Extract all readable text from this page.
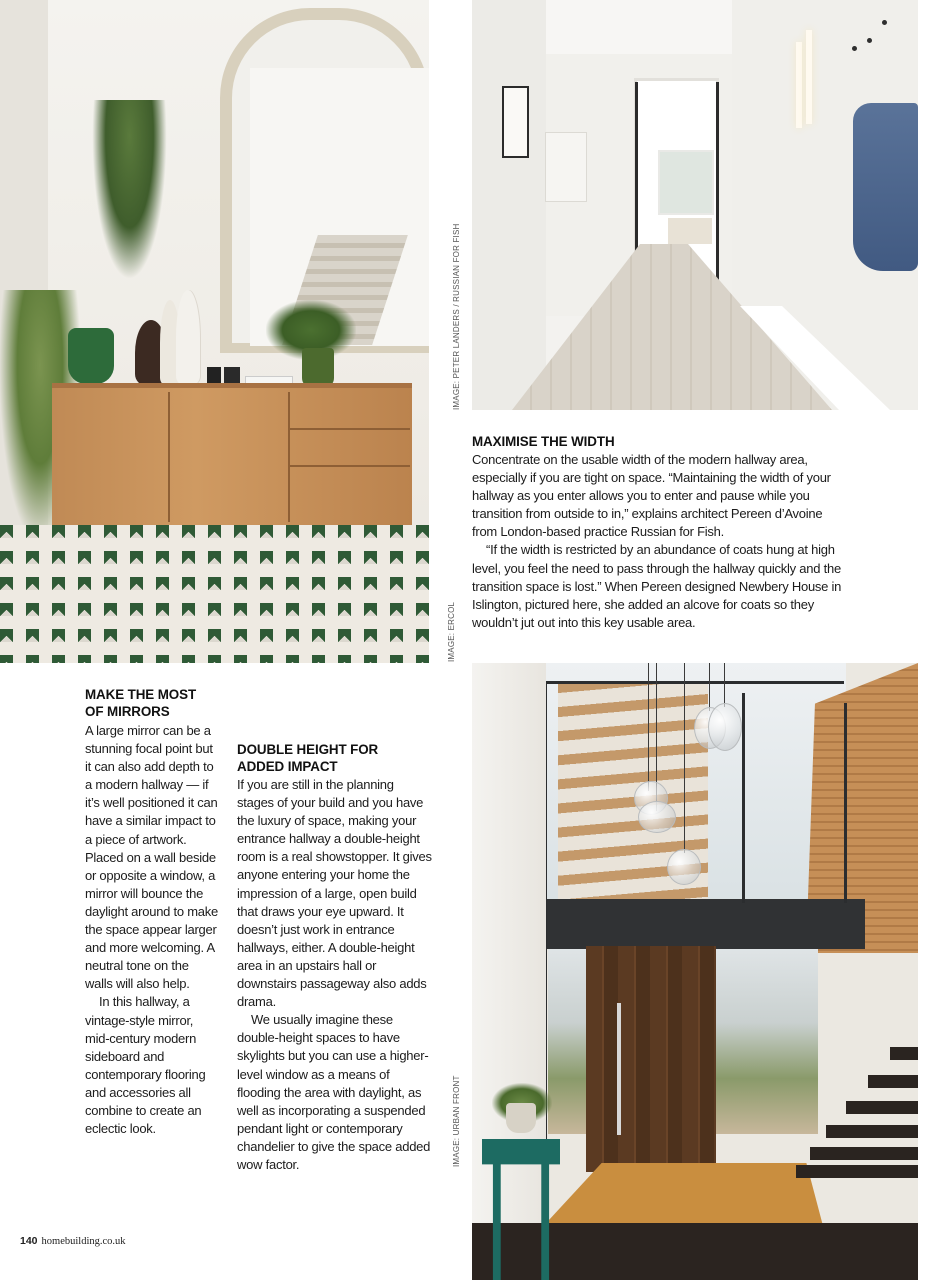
IMAGE: PETER LANDERS / RUSSIAN FOR FISH
IMAGE: ERCOL
IMAGE: URBAN FRONT
MAXIMISE THE WIDTH

Concentrate on the usable width of the modern hallway area, especially if you are tight on space. “Maintaining the width of your hallway as you enter allows you to enter and pause while you transition from outside to in,” explains architect Pereen d’Avoine from London-based practice Russian for Fish.

“If the width is restricted by an abundance of coats hung at high level, you feel the need to pass through the hallway quickly and the transition space is lost.” When Pereen designed Newbery House in Islington, pictured here, she added an alcove for coats so they wouldn’t jut out into this key usable area.

MAKE THE MOST OF MIRRORS

A large mirror can be a stunning focal point but it can also add depth to a modern hallway — if it’s well positioned it can have a similar impact to a piece of artwork. Placed on a wall beside or opposite a window, a mirror will bounce the daylight around to make the space appear larger and more welcoming. A neutral tone on the walls will also help.

In this hallway, a vintage-style mirror, mid-century modern sideboard and contemporary flooring and accessories all combine to create an eclectic look.

DOUBLE HEIGHT FOR ADDED IMPACT

If you are still in the planning stages of your build and you have the luxury of space, making your entrance hallway a double-height room is a real showstopper. It gives anyone entering your home the impression of a large, open build that draws your eye upward. It doesn’t just work in entrance hallways, either. A double-height area in an upstairs hall or downstairs passageway also adds drama.

We usually imagine these double-height spaces to have skylights but you can use a higher-level window as a means of flooding the area with daylight, as well as incorporating a suspended pendant light or contemporary chandelier to give the space added wow factor.

140 homebuilding.co.uk
